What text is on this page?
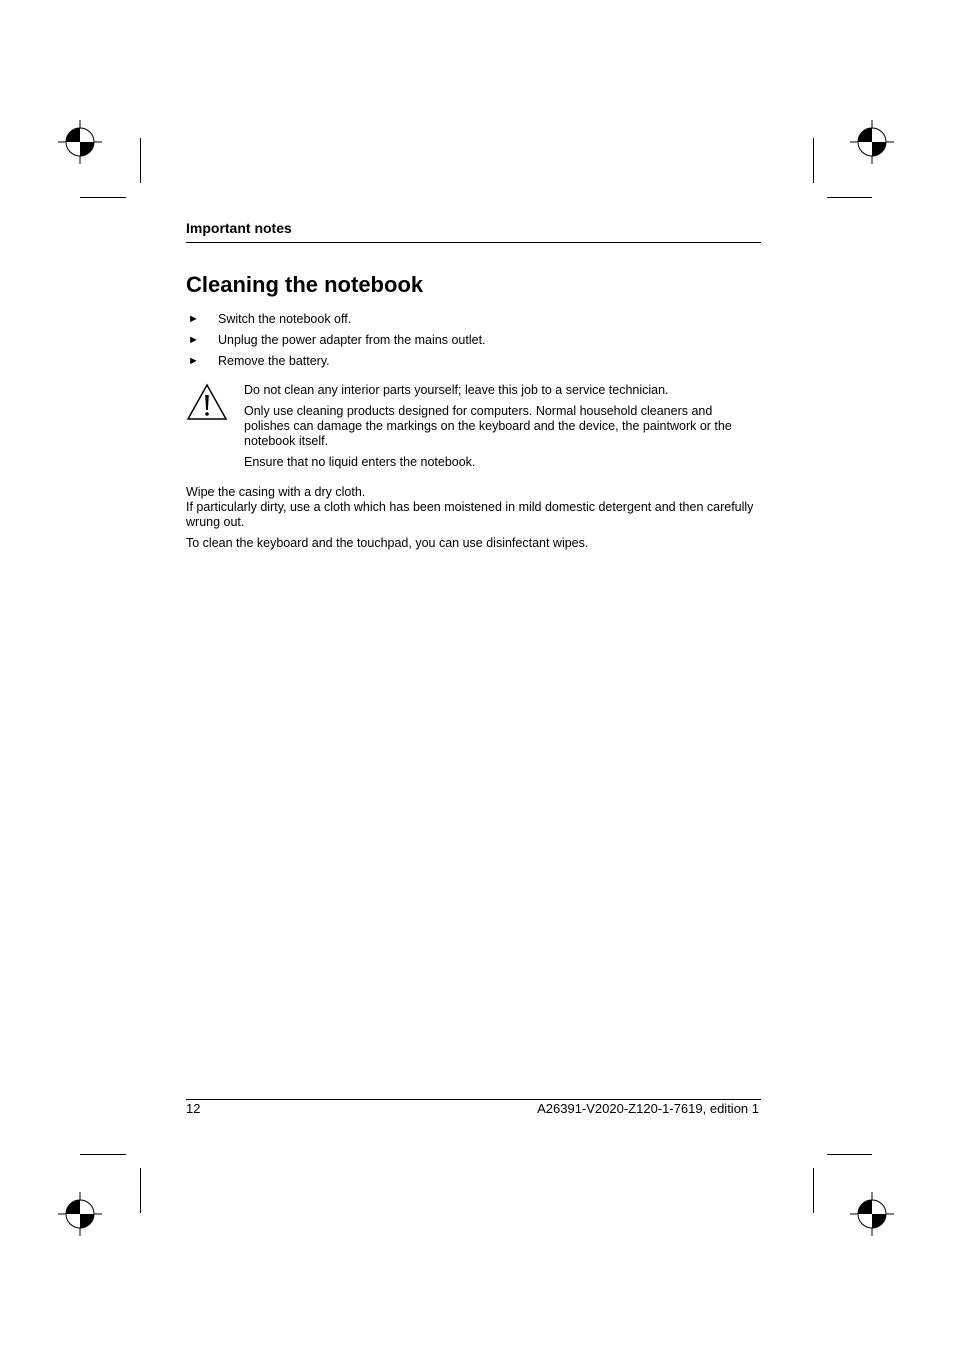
Important notes
Cleaning the notebook
► Switch the notebook off.
► Unplug the power adapter from the mains outlet.
► Remove the battery.

Do not clean any interior parts yourself; leave this job to a service technician.

Only use cleaning products designed for computers. Normal household cleaners and polishes can damage the markings on the keyboard and the device, the paintwork or the notebook itself.

Ensure that no liquid enters the notebook.

Wipe the casing with a dry cloth.
If particularly dirty, use a cloth which has been moistened in mild domestic detergent and then carefully wrung out.

To clean the keyboard and the touchpad, you can use disinfectant wipes.

12	A26391-V2020-Z120-1-7619, edition 1
